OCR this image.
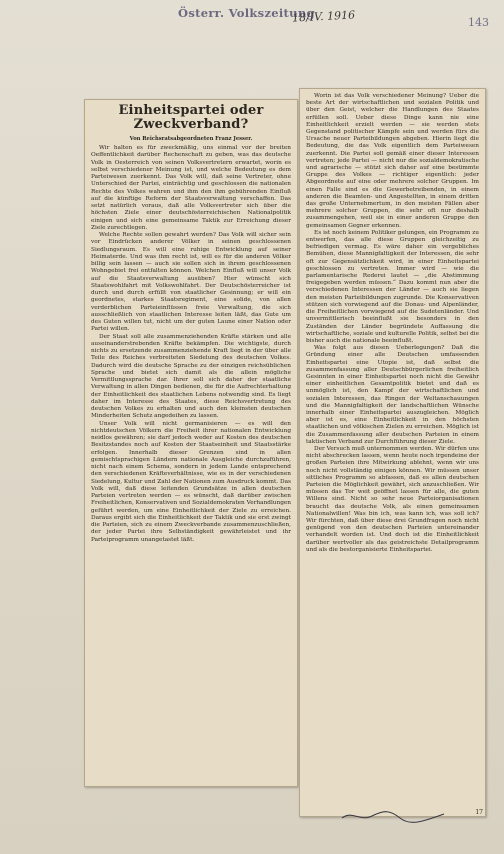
Österr. Volkszeitung
18/IV. 1916	143
Einheitspartei oder Zweckverband?
Von Reichsratsabgeordneten Franz Jesser.

Wir halten es für zweckmäßig, uns einmal vor der breiten Oeffentlichkeit darüber Rechenschaft zu geben, was das deutsche Volk in Oesterreich von seinen Volksvertretern erwartet, worin es selbst verschiedener Meinung ist, und welche Bedeutung es dem Parteiwesen zuerkennt. Das Volk will, daß seine Vertreter, ohne Unterschied der Partei, einträchtig und geschlossen die nationalen Rechte des Volkes wahren und ihm den ihm gebührenden Einfluß auf die künftige Reform der Staatsverwaltung verschaffen. Das setzt natürlich voraus, daß alle Volksvertreter sich über die höchsten Ziele einer deutschösterreichischen Nationalpolitik einigen und sich eine gemeinsame Taktik zur Erreichung dieser Ziele zurechtlegen.

Welche Rechte sollen gewahrt werden? Das Volk will sicher sein vor Eindrücken anderer Völker in seinen geschlossenen Siedlungsraum. Es will eine ruhige Entwicklung auf seiner Heimaterde. Und was ihm recht ist, will es für die anderen Völker billig sein lassen — auch sie sollen sich in ihrem geschlossenen Wohngebiet frei entfalten können. Welchen Einfluß will unser Volk auf die Staatsverwaltung ausüben? Hier wünscht sich Staatswohlfahrt mit Volkswohlfahrt. Der Deutschösterreicher ist durch und durch erfüllt von staatlicher Gesinnung; er will ein geordnetes, starkes Staatsregiment, eine solide, von allen verderblichen Parteieinflüssen freie Verwaltung, die sich ausschließlich von staatlichen Interesse leiten läßt, das Gute um des Guten willen tut, nicht um der guten Laune einer Nation oder Partei willen.

Der Staat soll alle zusammenziehenden Kräfte stärken und alle auseinanderstrebenden Kräfte bekämpfen. Die wichtigste, durch nichts zu ersetzende zusammenziehende Kraft liegt in der über alle Teile des Reiches verbreiteten Siedelung des deutschen Volkes. Dadurch wird die deutsche Sprache zu der einzigen reichsüblichen Sprache und bietet sich damit als die allein mögliche Vermittlungssprache dar. Ihrer soll sich daher der staatliche Verwaltung in allen Dingen bedienen, die für die Aufrechterhaltung der Einheitlichkeit des staatlichen Lebens notwendig sind. Es liegt daher im Interesse des Staates, diese Reichsvertretung des deutschen Volkes zu erhalten und auch den kleinsten deutschen Minderheiten Schutz angedeihen zu lassen.

Unser Volk will nicht germanisieren — es will den nichtdeutschen Völkern die Freiheit ihrer nationalen Entwicklung neidlos gewähren; sie darf jedoch weder auf Kosten des deutschen Besitzstandes noch auf Kosten der Staatseinheit und Staatsstärke erfolgen. Innerhalb dieser Grenzen sind in allen gemischtsprachigen Ländern nationale Ausgleiche durchzuführen, nicht nach einem Schema, sondern in jedem Lande entsprechend den verschiedenen Kräfteverhältnisse, wie es in der verschiedenen Siedelung, Kultur und Zahl der Nationen zum Ausdruck kommt. Das Volk will, daß diese leitenden Grundsätze in allen deutschen Parteien vertreten werden — es wünscht, daß darüber zwischen Freiheitlichen, Konservativen und Sozialdemokraten Verhandlungen geführt werden, um eine Einheitlichkeit der Ziele zu erreichen. Daraus ergibt sich die Einheitlichkeit der Taktik und sie erst zwingt die Parteien, sich zu einem Zweckverbande zusammenzuschließen, der jeder Partei ihre Selbständigkeit gewährleistet und ihr Parteiprogramm unangetastet läßt.

Worin ist das Volk verschiedener Meinung? Ueber die beste Art der wirtschaftlichen und sozialen Politik und über den Geist, welcher die Handlungen des Staates erfüllen soll. Ueber diese Dinge kann nie eine Einheitlichkeit erzielt werden — sie werden stets Gegenstand politischer Kämpfe sein und werden fürs die Ursache neuer Parteibildungen abgeben. Hierin liegt die Bedeutung, die das Volk eigentlich dem Parteiwesen zuerkennt. Die Partei soll gemäß einer dieser Interessen vertreten; jede Partei — nicht nur die sozialdemokratische und agrarische — stützt sich daher auf eine bestimmte Gruppe des Volkes — richtiger eigentlich: jeder Abgeordnete auf eine oder mehrere solcher Gruppen. Im einen Falle sind es die Gewerbetreibenden, in einem anderen die Beamten- und Angestellten, in einem dritten das große Unternehmertum, in den meisten Fällen aber mehrere solcher Gruppen, die sehr oft nur deshalb zusammengehen, weil sie in einer anderen Gruppe den gemeinsamen Gegner erkennen.

Es ist noch keinem Politiker gelungen, ein Programm zu entwerfen, das alle diese Gruppen gleichzeitig zu befriedigen vermag. Es wäre daher ein vergebliches Bemühen, diese Mannigfaltigkeit der Interessen, die sehr oft zur Gegensätzlichkeit wird, in einer Einheitspartei geschlossen zu vertreten. Immer wird — wie die parlamentarische Rederei lautet — „die Abstimmung freigegeben werden müssen.“ Dazu kommt nun aber die verschiedenen Interessen der Länder — auch sie liegen den meisten Parteibildungen zugrunde. Die Konservativen stützen sich vorwiegend auf die Donau- und Alpenländer, die Freiheitlichen vorwiegend auf die Sudetenländer. Und unvermittlerisch beeinflußt sie besonders in den Zuständen der Länder begründete Auffassung die wirtschaftliche, soziale und kulturelle Politik, selbst bei die bisher auch die nationale beeinflußt.

Was folgt aus diesen Ueberlegungen? Daß die Gründung einer alle Deutschen umfassenden Einheitspartei eine Utopie ist, daß selbst die zusammenfassung aller Deutschbürgerlichen freiheitlich Gesinnten in einer Einheitspartei noch nicht die Gewähr einer einheitlichen Gesamtpolitik bietet und daß es unmöglich ist, den Kampf der wirtschaftlichen und sozialen Interessen, das Ringen der Weltanschauungen und die Mannigfaltigkeit der landschaftlichen Wünsche innerhalb einer Einheitspartei auszugleichen. Möglich aber ist es, eine Einheitlichkeit in den höchsten staatlichen und völkischen Zielen zu erreichen. Möglich ist die Zusammenfassung aller deutschen Parteien in einem taktischen Verband zur Durchführung dieser Ziele.

Der Versuch muß unternommen werden. Wir dürfen uns nicht abschrecken lassen, wenn heute noch irgendeine der großen Parteien ihre Mitwirkung ablehnt, wenn wir uns noch nicht vollständig einigen können. Wir müssen unser sittliches Programm so abfassen, daß es allen deutschen Parteien die Möglichkeit gewährt, sich anzuschließen. Wir müssen das Tor weit geöffnet lassen für alle, die guten Willens sind. Nicht so sehr neue Parteiorganisationen braucht das deutsche Volk, als einen gemeinsamen Nationalwillen! Was bin ich, was kann ich, was soll ich? Wir fürchten, daß über diese drei Grundfragen noch nicht genügend von den deutschen Parteien untereinander verhandelt worden ist. Und doch ist die Einheitlichkeit darüber wertvoller als das geistreichste Detailprogramm und als die bestorganisierte Einheitspartei.

17
